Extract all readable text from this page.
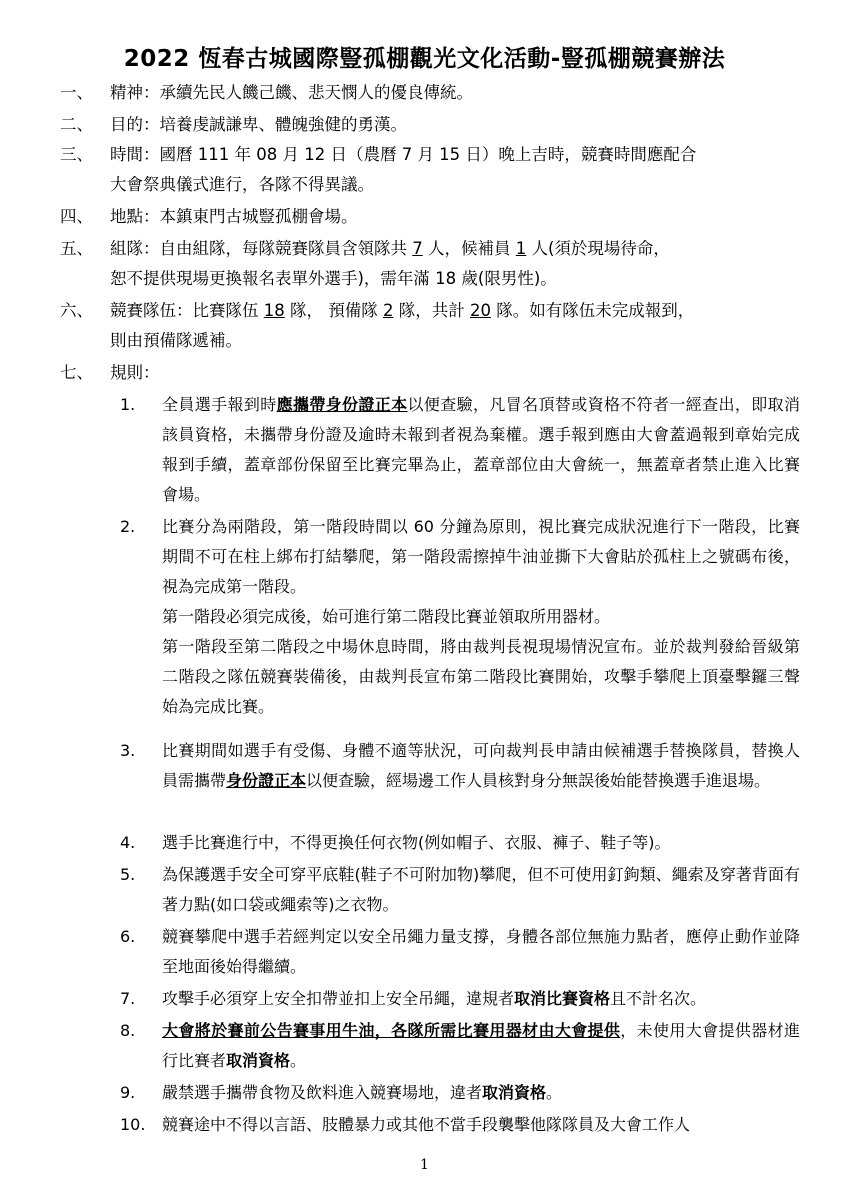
2022 恆春古城國際豎孤棚觀光文化活動-豎孤棚競賽辦法
一、 精神：承續先民人饑己饑、悲天憫人的優良傳統。
二、 目的：培養虔誠謙卑、體魄強健的勇漢。
三、 時間：國曆 111 年 08 月 12 日（農曆 7 月 15 日）晚上吉時，競賽時間應配合
大會祭典儀式進行，各隊不得異議。
四、 地點：本鎮東門古城豎孤棚會場。
五、 組隊：自由組隊，每隊競賽隊員含領隊共 7 人，候補員 1 人(須於現場待命，
恕不提供現場更換報名表單外選手)，需年滿 18 歲(限男性)。
六、 競賽隊伍：比賽隊伍 18 隊， 預備隊 2 隊，共計 20 隊。如有隊伍未完成報到，
則由預備隊遞補。
七、 規則：
1. 全員選手報到時應攜帶身份證正本以便查驗，凡冒名頂替或資格不符者一經查出，即取消該員資格，未攜帶身份證及逾時未報到者視為棄權。選手報到應由大會蓋過報到章始完成報到手續，蓋章部份保留至比賽完畢為止，蓋章部位由大會統一，無蓋章者禁止進入比賽會場。
2. 比賽分為兩階段，第一階段時間以 60 分鐘為原則，視比賽完成狀況進行下一階段，比賽期間不可在柱上綁布打結攀爬，第一階段需擦掉牛油並撕下大會貼於孤柱上之號碼布後，視為完成第一階段。
第一階段必須完成後，始可進行第二階段比賽並領取所用器材。
第一階段至第二階段之中場休息時間，將由裁判長視現場情況宣布。並於裁判發給晉級第二階段之隊伍競賽裝備後，由裁判長宣布第二階段比賽開始，攻擊手攀爬上頂臺擊鑼三聲始為完成比賽。
3. 比賽期間如選手有受傷、身體不適等狀況，可向裁判長申請由候補選手替換隊員，替換人員需攜帶身份證正本以便查驗，經場邊工作人員核對身分無誤後始能替換選手進退場。
4. 選手比賽進行中，不得更換任何衣物(例如帽子、衣服、褲子、鞋子等)。
5. 為保護選手安全可穿平底鞋(鞋子不可附加物)攀爬，但不可使用釘鉤類、繩索及穿著背面有著力點(如口袋或繩索等)之衣物。
6. 競賽攀爬中選手若經判定以安全吊繩力量支撐，身體各部位無施力點者，應停止動作並降至地面後始得繼續。
7. 攻擊手必須穿上安全扣帶並扣上安全吊繩，違規者取消比賽資格且不計名次。
8. 大會將於賽前公告賽事用牛油，各隊所需比賽用器材由大會提供，未使用大會提供器材進行比賽者取消資格。
9. 嚴禁選手攜帶食物及飲料進入競賽場地，違者取消資格。
10. 競賽途中不得以言語、肢體暴力或其他不當手段襲擊他隊隊員及大會工作人
1
